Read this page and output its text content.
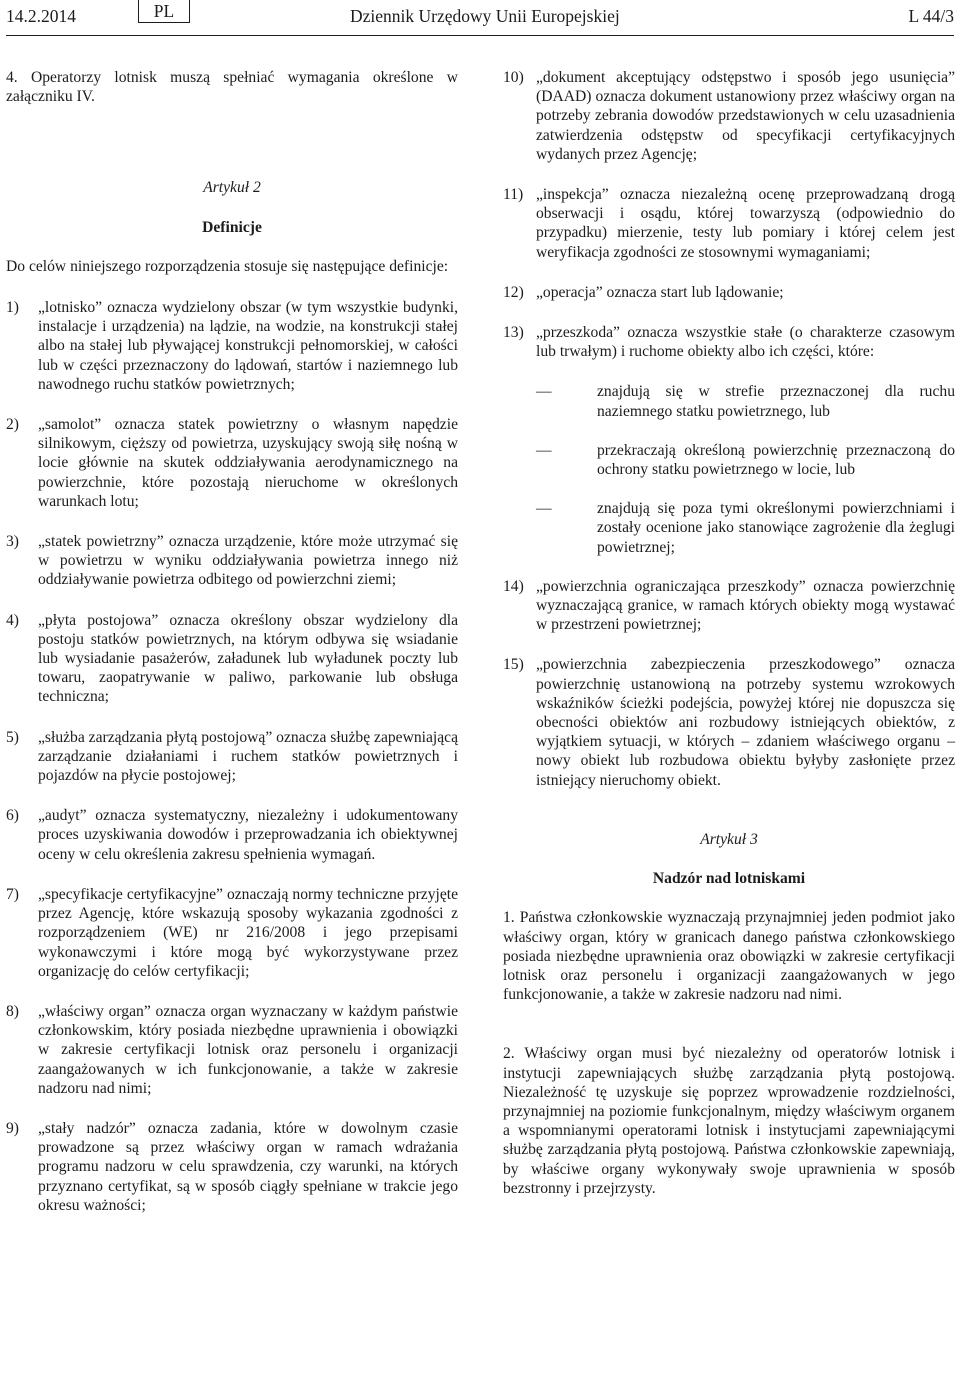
14.2.2014	PL	Dziennik Urzędowy Unii Europejskiej	L 44/3

4. Operatorzy lotnisk muszą spełniać wymagania określone w załączniku IV.

Artykuł 2

Definicje

Do celów niniejszego rozporządzenia stosuje się następujące definicje:

1) „lotnisko” oznacza wydzielony obszar (w tym wszystkie budynki, instalacje i urządzenia) na lądzie, na wodzie, na konstrukcji stałej albo na stałej lub pływającej konstrukcji pełnomorskiej, w całości lub w części przeznaczony do lądowań, startów i naziemnego lub nawodnego ruchu statków powietrznych;

2) „samolot” oznacza statek powietrzny o własnym napędzie silnikowym, cięższy od powietrza, uzyskujący swoją siłę nośną w locie głównie na skutek oddziaływania aerodynamicznego na powierzchnie, które pozostają nieruchome w określonych warunkach lotu;

3) „statek powietrzny” oznacza urządzenie, które może utrzymać się w powietrzu w wyniku oddziaływania powietrza innego niż oddziaływanie powietrza odbitego od powierzchni ziemi;

4) „płyta postojowa” oznacza określony obszar wydzielony dla postoju statków powietrznych, na którym odbywa się wsiadanie lub wysiadanie pasażerów, załadunek lub wyładunek poczty lub towaru, zaopatrywanie w paliwo, parkowanie lub obsługa techniczna;

5) „służba zarządzania płytą postojową” oznacza służbę zapewniającą zarządzanie działaniami i ruchem statków powietrznych i pojazdów na płycie postojowej;

6) „audyt” oznacza systematyczny, niezależny i udokumentowany proces uzyskiwania dowodów i przeprowadzania ich obiektywnej oceny w celu określenia zakresu spełnienia wymagań.

7) „specyfikacje certyfikacyjne” oznaczają normy techniczne przyjęte przez Agencję, które wskazują sposoby wykazania zgodności z rozporządzeniem (WE) nr 216/2008 i jego przepisami wykonawczymi i które mogą być wykorzystywane przez organizację do celów certyfikacji;

8) „właściwy organ” oznacza organ wyznaczany w każdym państwie członkowskim, który posiada niezbędne uprawnienia i obowiązki w zakresie certyfikacji lotnisk oraz personelu i organizacji zaangażowanych w ich funkcjonowanie, a także w zakresie nadzoru nad nimi;

9) „stały nadzór” oznacza zadania, które w dowolnym czasie prowadzone są przez właściwy organ w ramach wdrażania programu nadzoru w celu sprawdzenia, czy warunki, na których przyznano certyfikat, są w sposób ciągły spełniane w trakcie jego okresu ważności;

10) „dokument akceptujący odstępstwo i sposób jego usunięcia” (DAAD) oznacza dokument ustanowiony przez właściwy organ na potrzeby zebrania dowodów przedstawionych w celu uzasadnienia zatwierdzenia odstępstw od specyfikacji certyfikacyjnych wydanych przez Agencję;

11) „inspekcja” oznacza niezależną ocenę przeprowadzaną drogą obserwacji i osądu, której towarzyszą (odpowiednio do przypadku) mierzenie, testy lub pomiary i której celem jest weryfikacja zgodności ze stosownymi wymaganiami;

12) „operacja” oznacza start lub lądowanie;

13) „przeszkoda” oznacza wszystkie stałe (o charakterze czasowym lub trwałym) i ruchome obiekty albo ich części, które:

— znajdują się w strefie przeznaczonej dla ruchu naziemnego statku powietrznego, lub

— przekraczają określoną powierzchnię przeznaczoną do ochrony statku powietrznego w locie, lub

— znajdują się poza tymi określonymi powierzchniami i zostały ocenione jako stanowiące zagrożenie dla żeglugi powietrznej;

14) „powierzchnia ograniczająca przeszkody” oznacza powierzchnię wyznaczającą granice, w ramach których obiekty mogą wystawać w przestrzeni powietrznej;

15) „powierzchnia zabezpieczenia przeszkodowego” oznacza powierzchnię ustanowioną na potrzeby systemu wzrokowych wskaźników ścieżki podejścia, powyżej której nie dopuszcza się obecności obiektów ani rozbudowy istniejących obiektów, z wyjątkiem sytuacji, w których – zdaniem właściwego organu – nowy obiekt lub rozbudowa obiektu byłyby zasłonięte przez istniejący nieruchomy obiekt.

Artykuł 3

Nadzór nad lotniskami

1. Państwa członkowskie wyznaczają przynajmniej jeden podmiot jako właściwy organ, który w granicach danego państwa członkowskiego posiada niezbędne uprawnienia oraz obowiązki w zakresie certyfikacji lotnisk oraz personelu i organizacji zaangażowanych w jego funkcjonowanie, a także w zakresie nadzoru nad nimi.

2. Właściwy organ musi być niezależny od operatorów lotnisk i instytucji zapewniających służbę zarządzania płytą postojową. Niezależność tę uzyskuje się poprzez wprowadzenie rozdzielności, przynajmniej na poziomie funkcjonalnym, między właściwym organem a wspomnianymi operatorami lotnisk i instytucjami zapewniającymi służbę zarządzania płytą postojową. Państwa członkowskie zapewniają, by właściwe organy wykonywały swoje uprawnienia w sposób bezstronny i przejrzysty.
